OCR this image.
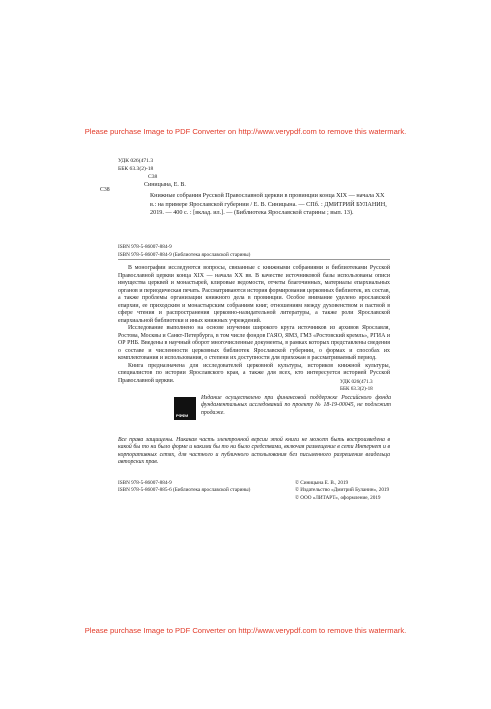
Please purchase Image to PDF Converter on http://www.verypdf.com to remove this watermark.
УДК 026(471.3
ББК 63.3(2)-18
С38
С38
Синицына, Е. В.
Книжные собрания Русской Православной церкви в провинции конца XIX — начала XX в.: на примере Ярославской губернии / Е. В. Синицына. — СПб. : ДМИТРИЙ БУЛАНИН, 2019. — 400 с. : [вклад. ил.]. — (Библиотека Ярославской старины ; вып. 13).
ISBN 978-5-86007-884-9
ISBN 978-5-86007-884-9 (Библиотека ярославской старины)

В монографии исследуются вопросы, связанные с книжными собраниями и библиотеками Русской Православной церкви конца XIX — начала XX вв. В качестве источниковой базы использованы описи имущества церквей и монастырей, клировые ведомости, отчеты благочинных, материалы епархиальных органов и периодическая печать. Рассматриваются история формирования церковных библиотек, их состав, а также проблемы организации книжного дела в провинции. Особое внимание уделено ярославской епархии, ее приходским и монастырским собраниям книг, отношениям между духовенством и паствой в сфере чтения и распространения церковно-назидательной литературы, а также роли Ярославской епархиальной библиотеки и иных книжных учреждений.

Исследование выполнено на основе изучения широкого круга источников из архивов Ярославля, Ростова, Москвы и Санкт-Петербурга, в том числе фондов ГАЯО, ЯМЗ, ГМЗ «Ростовский кремль», РГИА и ОР РНБ. Введены в научный оборот многочисленные документы, в рамках которых представлены сведения о составе и численности церковных библиотек Ярославской губернии, о формах и способах их комплектования и использования, о степени их доступности для прихожан в рассматриваемый период.

Книга предназначена для исследователей церковной культуры, историков книжной культуры, специалистов по истории Ярославского края, а также для всех, кто интересуется историей Русской Православной церкви.	УДК 026(471.3
ББК 63.3(2)-18
РФФИ
Издание осуществлено при финансовой поддержке Российского фонда фундаментальных исследований по проекту № 18-19-00045, не подлежит продаже.
Все права защищены. Никакая часть электронной версии этой книги не может быть воспроизведена в какой бы то ни было форме и какими бы то ни было средствами, включая размещение в сети Интернет и в корпоративных сетях, для частного и публичного использования без письменного разрешения владельца авторских прав.
ISBN 978-5-86007-884-9
ISBN 978-5-86007-885-6 (Библиотека ярославской старины)
© Синицына Е. В., 2019
© Издательство «Дмитрий Буланин», 2019
© ООО «ЛИТАРТ», оформление, 2019
Please purchase Image to PDF Converter on http://www.verypdf.com to remove this watermark.
